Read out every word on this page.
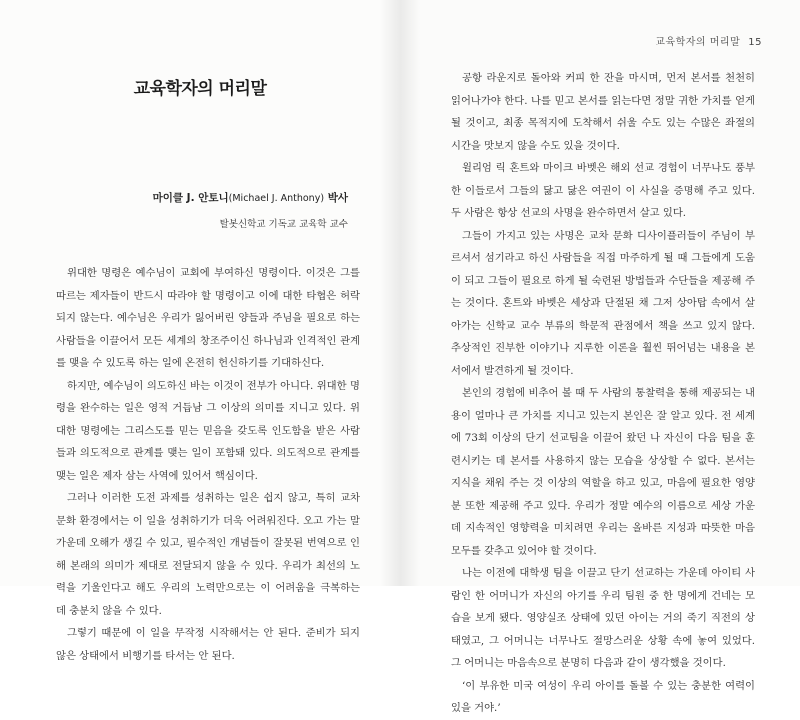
교육학자의 머리말

마이클 J. 안토니(Michael J. Anthony) 박사

탈봇신학교 기독교 교육학 교수

위대한 명령은 예수님이 교회에 부여하신 명령이다. 이것은 그를 따르는 제자들이 반드시 따라야 할 명령이고 이에 대한 타협은 허락되지 않는다. 예수님은 우리가 잃어버린 양들과 주님을 필요로 하는 사람들을 이끌어서 모든 세계의 창조주이신 하나님과 인격적인 관계를 맺을 수 있도록 하는 일에 온전히 헌신하기를 기대하신다.

하지만, 예수님이 의도하신 바는 이것이 전부가 아니다. 위대한 명령을 완수하는 일은 영적 거듭남 그 이상의 의미를 지니고 있다. 위대한 명령에는 그리스도를 믿는 믿음을 갖도록 인도함을 받은 사람들과 의도적으로 관계를 맺는 일이 포함돼 있다. 의도적으로 관계를 맺는 일은 제자 삼는 사역에 있어서 핵심이다.

그러나 이러한 도전 과제를 성취하는 일은 쉽지 않고, 특히 교차 문화 환경에서는 이 일을 성취하기가 더욱 어려워진다. 오고 가는 말 가운데 오해가 생길 수 있고, 필수적인 개념들이 잘못된 번역으로 인해 본래의 의미가 제대로 전달되지 않을 수 있다. 우리가 최선의 노력을 기울인다고 해도 우리의 노력만으로는 이 어려움을 극복하는 데 충분치 않을 수 있다.

그렇기 때문에 이 일을 무작정 시작해서는 안 된다. 준비가 되지 않은 상태에서 비행기를 타서는 안 된다.

교육학자의 머리말 15

공항 라운지로 돌아와 커피 한 잔을 마시며, 먼저 본서를 천천히 읽어나가야 한다. 나를 믿고 본서를 읽는다면 정말 귀한 가치를 얻게 될 것이고, 최종 목적지에 도착해서 쉬울 수도 있는 수많은 좌절의 시간을 맛보지 않을 수도 있을 것이다.

윌리엄 릭 혼트와 마이크 바벳은 해외 선교 경험이 너무나도 풍부한 이들로서 그들의 닳고 닳은 여권이 이 사실을 증명해 주고 있다. 두 사람은 항상 선교의 사명을 완수하면서 살고 있다.

그들이 가지고 있는 사명은 교차 문화 디사이플러들이 주님이 부르셔서 섬기라고 하신 사람들을 직접 마주하게 될 때 그들에게 도움이 되고 그들이 필요로 하게 될 숙련된 방법들과 수단들을 제공해 주는 것이다. 혼트와 바벳은 세상과 단절된 채 그저 상아탑 속에서 살아가는 신학교 교수 부류의 학문적 관점에서 책을 쓰고 있지 않다. 추상적인 진부한 이야기나 지루한 이론을 훨씬 뛰어넘는 내용을 본서에서 발견하게 될 것이다.

본인의 경험에 비추어 볼 때 두 사람의 통찰력을 통해 제공되는 내용이 얼마나 큰 가치를 지니고 있는지 본인은 잘 알고 있다. 전 세계에 73회 이상의 단기 선교팀을 이끌어 왔던 나 자신이 다음 팀을 훈련시키는 데 본서를 사용하지 않는 모습을 상상할 수 없다. 본서는 지식을 채워 주는 것 이상의 역할을 하고 있고, 마음에 필요한 영양분 또한 제공해 주고 있다. 우리가 정말 예수의 이름으로 세상 가운데 지속적인 영향력을 미치려면 우리는 올바른 지성과 따뜻한 마음 모두를 갖추고 있어야 할 것이다.

나는 이전에 대학생 팀을 이끌고 단기 선교하는 가운데 아이티 사람인 한 어머니가 자신의 아기를 우리 팀원 중 한 명에게 건네는 모습을 보게 됐다. 영양실조 상태에 있던 아이는 거의 죽기 직전의 상태였고, 그 어머니는 너무나도 절망스러운 상황 속에 놓여 있었다. 그 어머니는 마음속으로 분명히 다음과 같이 생각했을 것이다.

‘이 부유한 미국 여성이 우리 아이를 돌볼 수 있는 충분한 여력이 있을 거야.’
